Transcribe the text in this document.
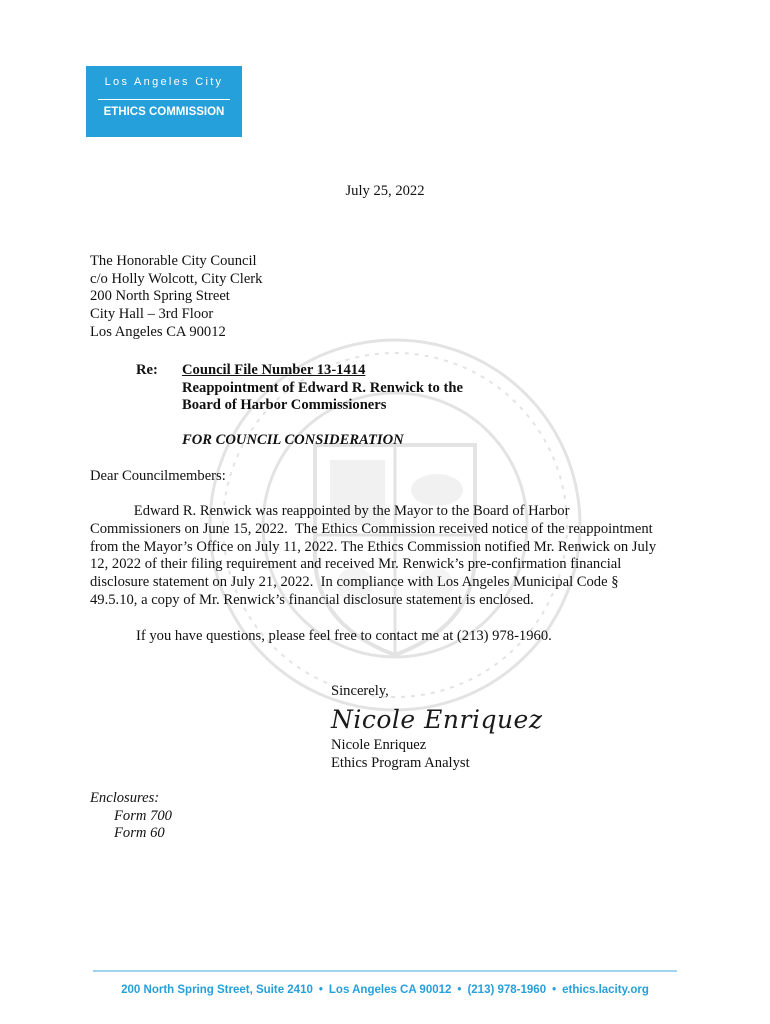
Los Angeles City
ETHICS COMMISSION
July 25, 2022
The Honorable City Council
c/o Holly Wolcott, City Clerk
200 North Spring Street
City Hall – 3rd Floor
Los Angeles CA 90012
Re: Council File Number 13-1414
Reappointment of Edward R. Renwick to the
Board of Harbor Commissioners
FOR COUNCIL CONSIDERATION
Dear Councilmembers:
Edward R. Renwick was reappointed by the Mayor to the Board of Harbor
Commissioners on June 15, 2022.  The Ethics Commission received notice of the reappointment
from the Mayor’s Office on July 11, 2022. The Ethics Commission notified Mr. Renwick on July
12, 2022 of their filing requirement and received Mr. Renwick’s pre-confirmation financial
disclosure statement on July 21, 2022.  In compliance with Los Angeles Municipal Code §
49.5.10, a copy of Mr. Renwick’s financial disclosure statement is enclosed.
If you have questions, please feel free to contact me at (213) 978-1960.
Sincerely,
Nicole Enriquez
Nicole Enriquez
Ethics Program Analyst
Enclosures:
Form 700
Form 60
200 North Spring Street, Suite 2410 • Los Angeles CA 90012 • (213) 978-1960 • ethics.lacity.org
